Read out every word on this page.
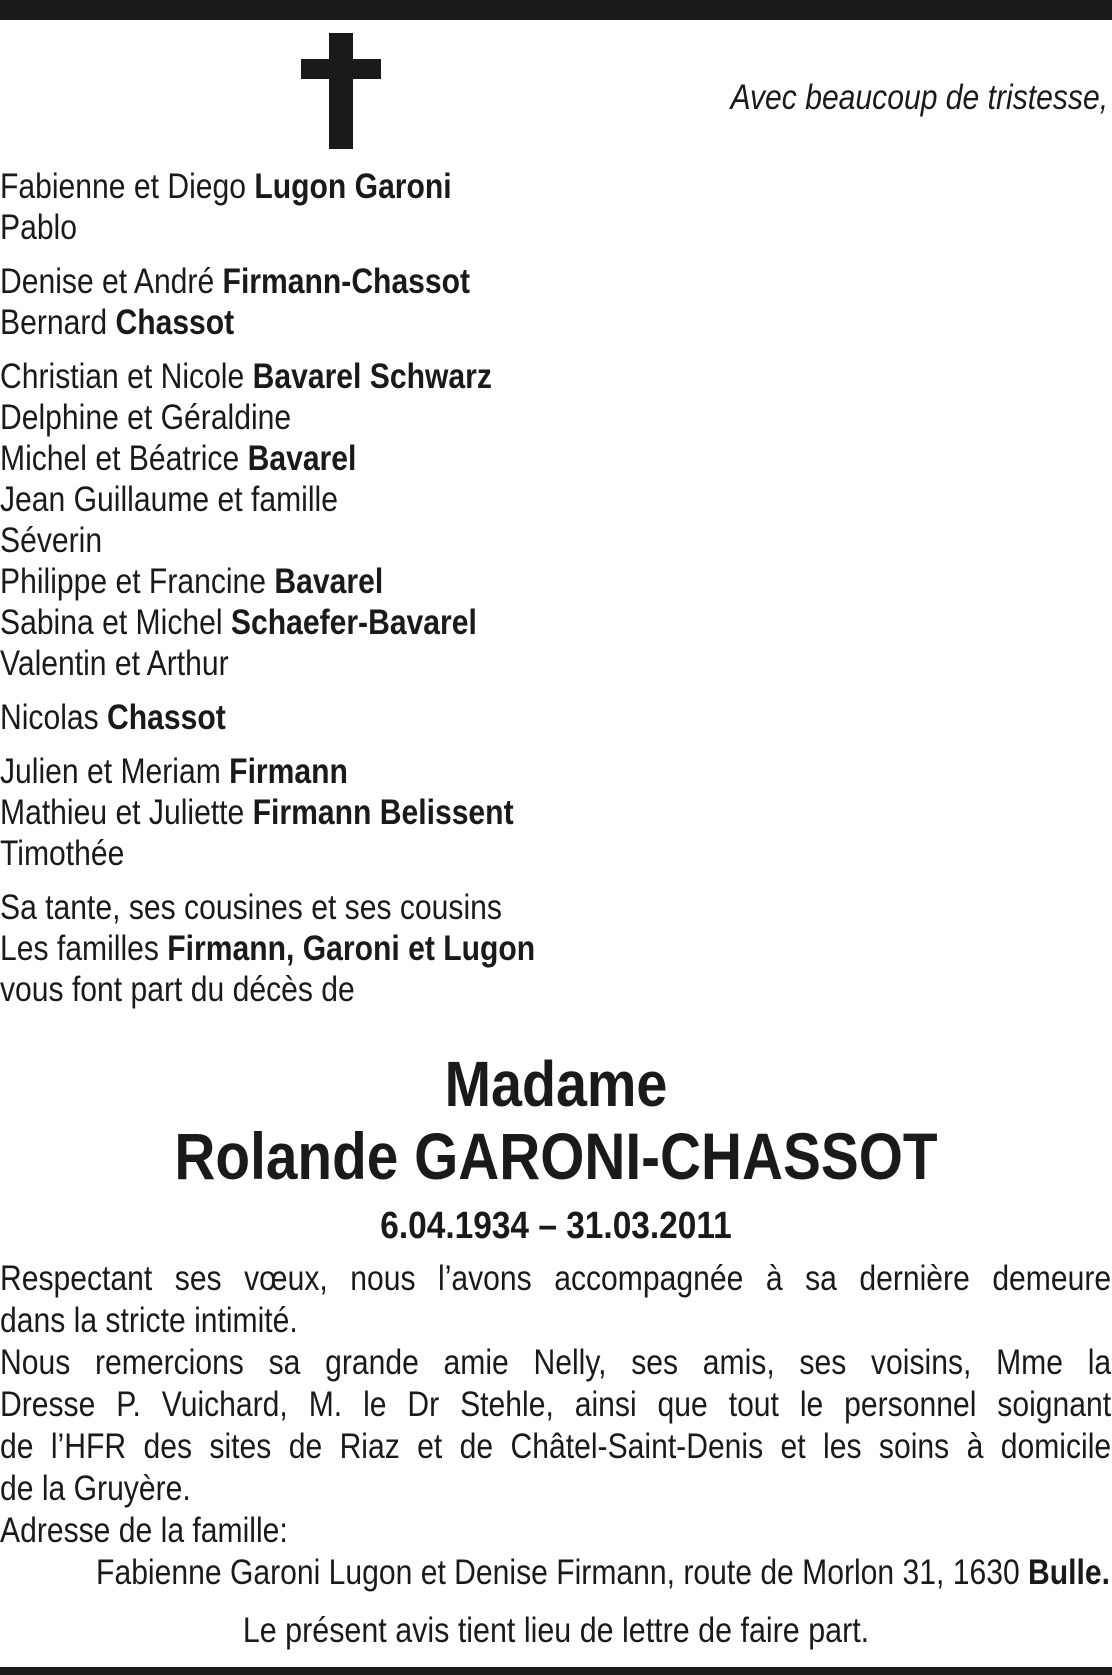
Avec beaucoup de tristesse,
Fabienne et Diego Lugon Garoni
Pablo
Denise et André Firmann-Chassot
Bernard Chassot
Christian et Nicole Bavarel Schwarz
Delphine et Géraldine
Michel et Béatrice Bavarel
Jean Guillaume et famille
Séverin
Philippe et Francine Bavarel
Sabina et Michel Schaefer-Bavarel
Valentin et Arthur
Nicolas Chassot
Julien et Meriam Firmann
Mathieu et Juliette Firmann Belissent
Timothée
Sa tante, ses cousines et ses cousins
Les familles Firmann, Garoni et Lugon
vous font part du décès de
Madame
Rolande GARONI-CHASSOT
6.04.1934 – 31.03.2011
Respectant ses vœux, nous l’avons accompagnée à sa dernière demeure
dans la stricte intimité.
Nous remercions sa grande amie Nelly, ses amis, ses voisins, Mme la
Dresse P. Vuichard, M. le Dr Stehle, ainsi que tout le personnel soignant
de l’HFR des sites de Riaz et de Châtel-Saint-Denis et les soins à domicile
de la Gruyère.
Adresse de la famille:
Fabienne Garoni Lugon et Denise Firmann, route de Morlon 31, 1630 Bulle.
Le présent avis tient lieu de lettre de faire part.
